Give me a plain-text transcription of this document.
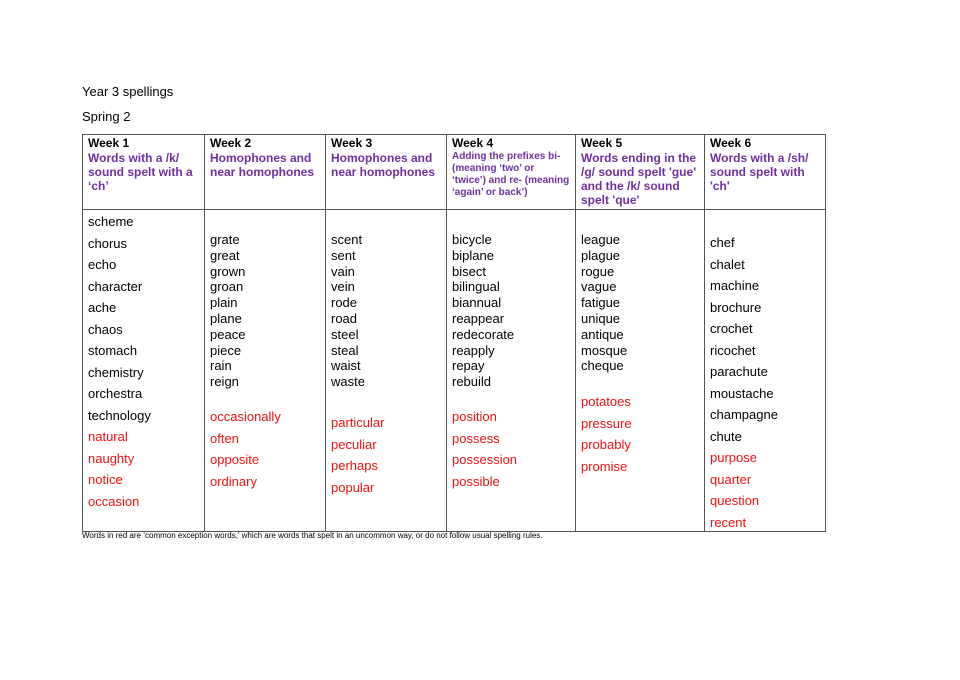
Year 3 spellings
Spring 2
Week 1
Words with a /k/ sound spelt with a ‘ch’
scheme
chorus
echo
character
ache
chaos
stomach
chemistry
orchestra
technology
natural
naughty
notice
occasion
Week 2
Homophones and near homophones
grate
great
grown
groan
plain
plane
peace
piece
rain
reign
occasionally
often
opposite
ordinary
Week 3
Homophones and near homophones
scent
sent
vain
vein
rode
road
steel
steal
waist
waste
particular
peculiar
perhaps
popular
Week 4
Adding the prefixes bi- (meaning ‘two’ or ‘twice’) and re- (meaning ‘again’ or back’)
bicycle
biplane
bisect
bilingual
biannual
reappear
redecorate
reapply
repay
rebuild
position
possess
possession
possible
Week 5
Words ending in the /g/ sound spelt 'gue' and the /k/ sound spelt 'que'
league
plague
rogue
vague
fatigue
unique
antique
mosque
cheque
potatoes
pressure
probably
promise
Week 6
Words with a /sh/ sound spelt with 'ch'
chef
chalet
machine
brochure
crochet
ricochet
parachute
moustache
champagne
chute
purpose
quarter
question
recent
Words in red are ‘common exception words,’ which are words that spelt in an uncommon way, or do not follow usual spelling rules.
